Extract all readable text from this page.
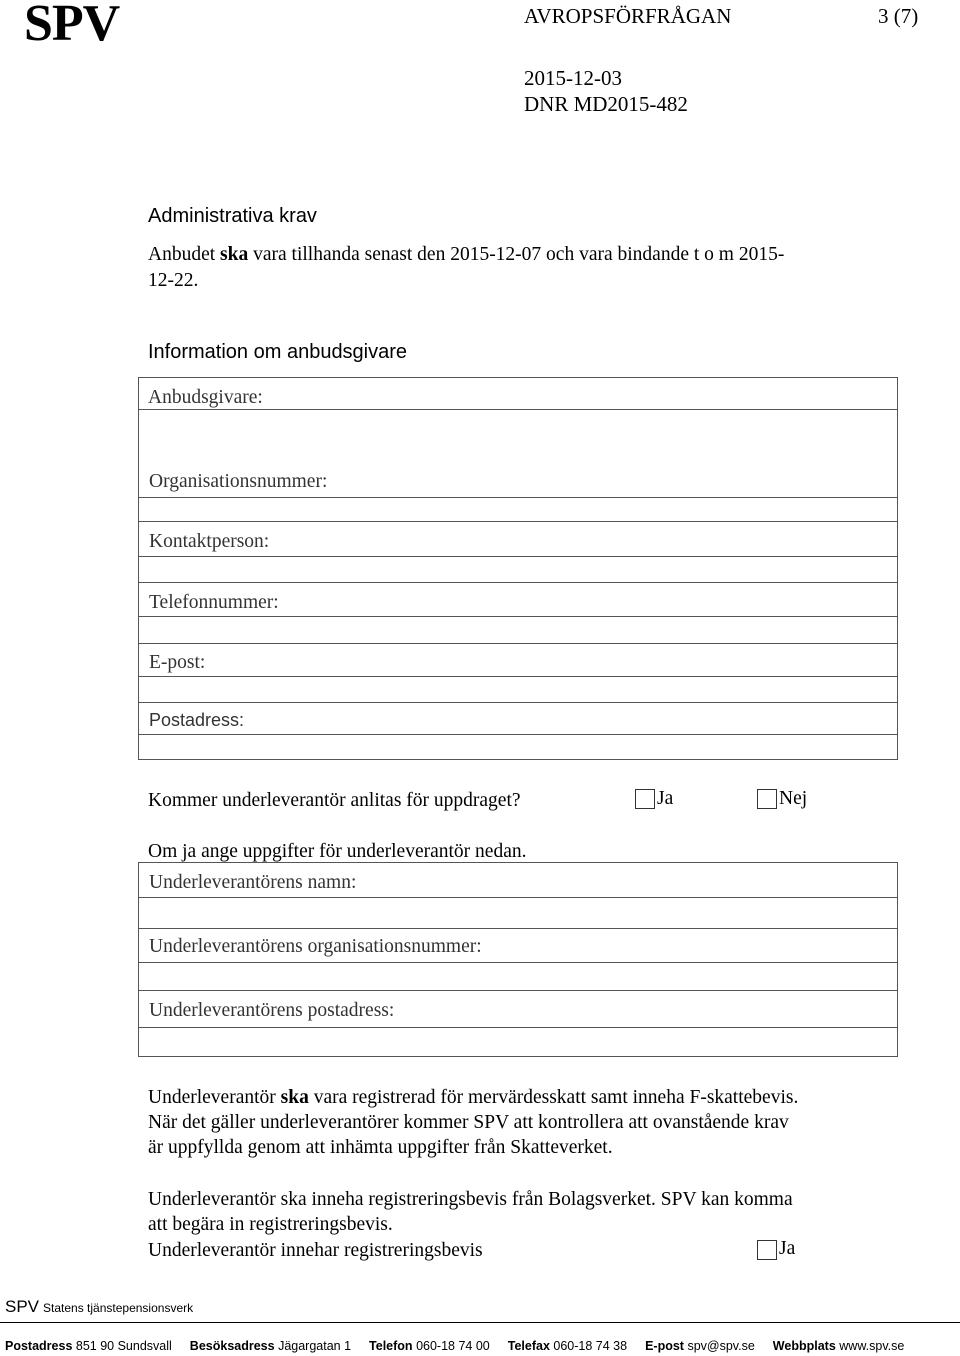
SPV	AVROPSFÖRFRÅGAN	3 (7)
2015-12-03
DNR MD2015-482
Administrativa krav
Anbudet ska vara tillhanda senast den 2015-12-07 och vara bindande t o m 2015-
12-22.
Information om anbudsgivare
Anbudsgivare:
Organisationsnummer:
Kontaktperson:
Telefonnummer:
E-post:
Postadress:
Kommer underleverantör anlitas för uppdraget?	Ja	Nej
Om ja ange uppgifter för underleverantör nedan.
Underleverantörens namn:
Underleverantörens organisationsnummer:
Underleverantörens postadress:
Underleverantör ska vara registrerad för mervärdesskatt samt inneha F-skattebevis.
När det gäller underleverantörer kommer SPV att kontrollera att ovanstående krav
är uppfyllda genom att inhämta uppgifter från Skatteverket.
Underleverantör ska inneha registreringsbevis från Bolagsverket. SPV kan komma
att begära in registreringsbevis.
Underleverantör innehar registreringsbevis	Ja
SPV Statens tjänstepensionsverk
Postadress 851 90 Sundsvall Besöksadress Jägargatan 1 Telefon 060-18 74 00 Telefax 060-18 74 38 E-post spv@spv.se Webbplats www.spv.se
